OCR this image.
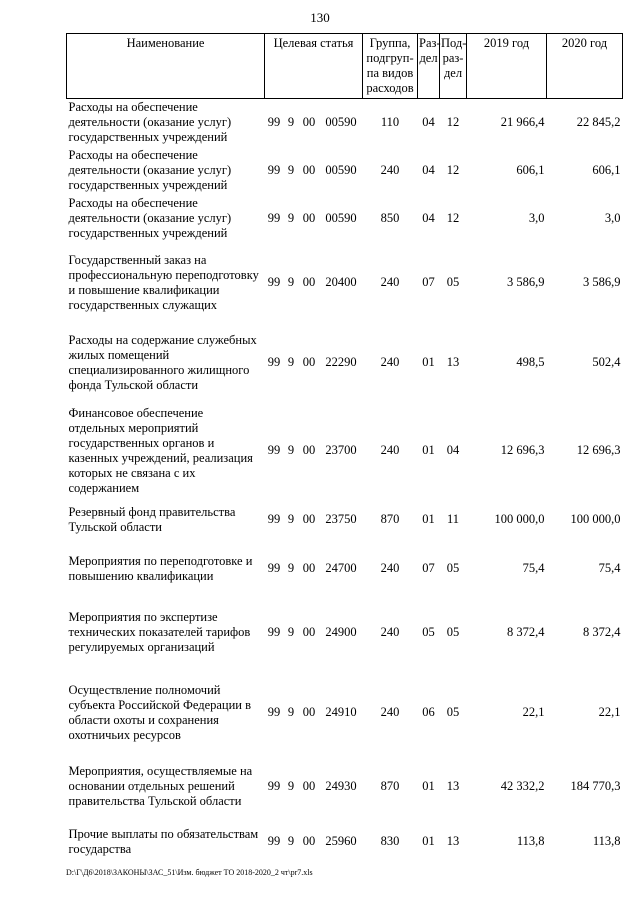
130
Наименование	Целевая статья				Группа, подгруп-па видов расходов	Раз-дел	Под-раз-дел	2019 год	2020 год
Расходы на обеспечение деятельности (оказание услуг) государственных учреждений	99	9	00	00590	110	04	12	21 966,4	22 845,2
Расходы на обеспечение деятельности (оказание услуг) государственных учреждений	99	9	00	00590	240	04	12	606,1	606,1
Расходы на обеспечение деятельности (оказание услуг) государственных учреждений	99	9	00	00590	850	04	12	3,0	3,0
Государственный заказ на профессиональную переподготовку и повышение квалификации государственных служащих	99	9	00	20400	240	07	05	3 586,9	3 586,9
Расходы на содержание служебных жилых помещений специализированного жилищного фонда Тульской области	99	9	00	22290	240	01	13	498,5	502,4
Финансовое обеспечение отдельных мероприятий государственных органов и казенных учреждений, реализация которых не связана с их содержанием	99	9	00	23700	240	01	04	12 696,3	12 696,3
Резервный фонд правительства Тульской области	99	9	00	23750	870	01	11	100 000,0	100 000,0
Мероприятия по переподготовке и повышению квалификации	99	9	00	24700	240	07	05	75,4	75,4
Мероприятия по экспертизе технических показателей тарифов регулируемых организаций	99	9	00	24900	240	05	05	8 372,4	8 372,4
Осуществление полномочий субъекта Российской Федерации в области охоты и сохранения охотничьих ресурсов	99	9	00	24910	240	06	05	22,1	22,1
Мероприятия, осуществляемые на основании отдельных решений правительства Тульской области	99	9	00	24930	870	01	13	42 332,2	184 770,3
Прочие выплаты по обязательствам государства	99	9	00	25960	830	01	13	113,8	113,8
D:\Г\Д6\2018\ЗАКОНЫ\ЗАС_51\Изм. бюджет ТО 2018-2020_2 чт\pr7.xls
